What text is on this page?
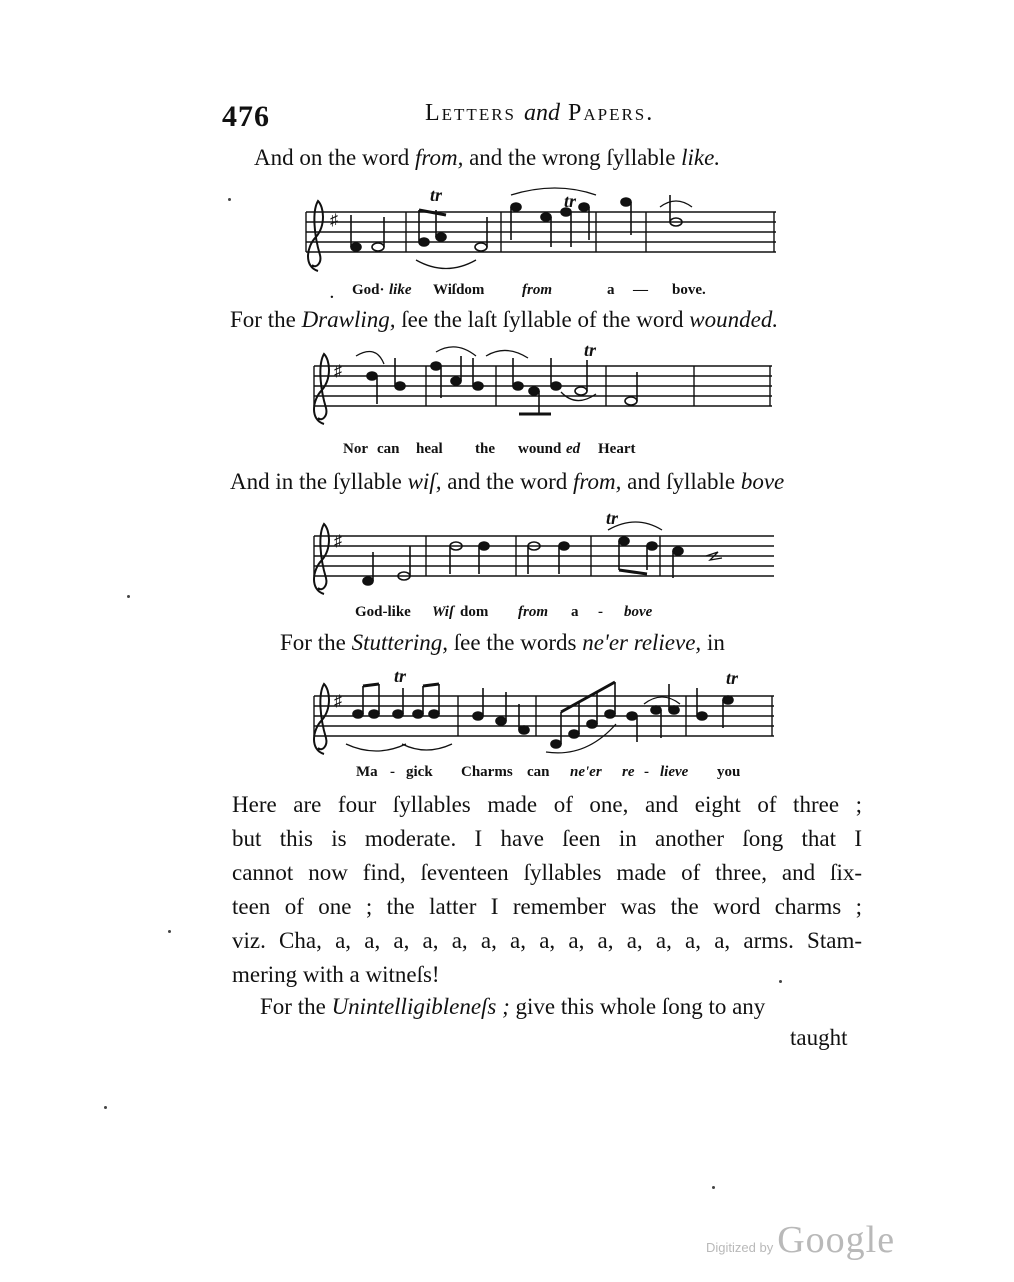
476	Letters and Papers.
And on the word from, and the wrong ſyllable like.
♯
tr	tr
. God· like Wiſdom	from	a — bove.
For the Drawling, ſee the laſt ſyllable of the word wounded.
♯
tr
Nor can heal the wound ed Heart
And in the ſyllable wiſ, and the word from, and ſyllable bove
♯
tr
God-like Wiſ dom from a - bove
For the Stuttering, ſee the words ne'er relieve, in
♯
tr	tr
Ma - gick Charms can ne'er re - lieve you
Here are four ſyllables made of one, and eight of three ;
but this is moderate. I have ſeen in another ſong that I
cannot now find, ſeventeen ſyllables made of three, and ſix-
teen of one ; the latter I remember was the word charms ;
viz. Cha, a, a, a, a, a, a, a, a, a, a, a, a, a, a, arms. Stam-
mering with a witneſs!
For the Unintelligibleneſs ; give this whole ſong to any
taught
Digitized by Google
